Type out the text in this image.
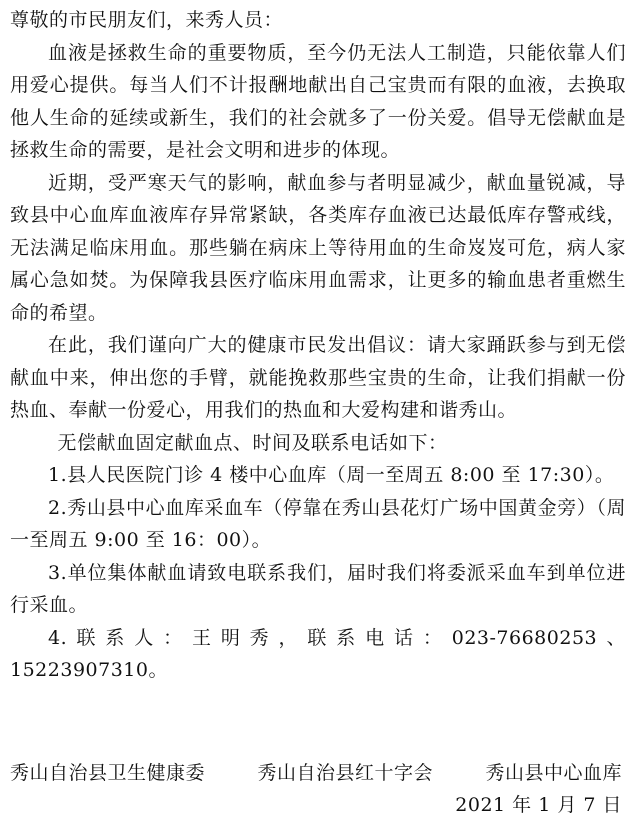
尊敬的市民朋友们，来秀人员：

血液是拯救生命的重要物质，至今仍无法人工制造，只能依靠人们用爱心提供。每当人们不计报酬地献出自己宝贵而有限的血液，去换取他人生命的延续或新生，我们的社会就多了一份关爱。倡导无偿献血是拯救生命的需要，是社会文明和进步的体现。

近期，受严寒天气的影响，献血参与者明显减少，献血量锐减，导致县中心血库血液库存异常紧缺，各类库存血液已达最低库存警戒线，无法满足临床用血。那些躺在病床上等待用血的生命岌岌可危，病人家属心急如焚。为保障我县医疗临床用血需求，让更多的输血患者重燃生命的希望。

在此，我们谨向广大的健康市民发出倡议：请大家踊跃参与到无偿献血中来，伸出您的手臂，就能挽救那些宝贵的生命，让我们捐献一份热血、奉献一份爱心，用我们的热血和大爱构建和谐秀山。

无偿献血固定献血点、时间及联系电话如下：

1.县人民医院门诊 4 楼中心血库（周一至周五 8:00 至 17:30）。
2.秀山县中心血库采血车（停靠在秀山县花灯广场中国黄金旁）（周一至周五 9:00 至 16：00）。
3.单位集体献血请致电联系我们，届时我们将委派采血车到单位进行采血。
4.联系人：王明秀，联系电话：023-76680253、15223907310。
秀山自治县卫生健康委	秀山自治县红十字会	秀山县中心血库
2021 年 1 月 7 日
